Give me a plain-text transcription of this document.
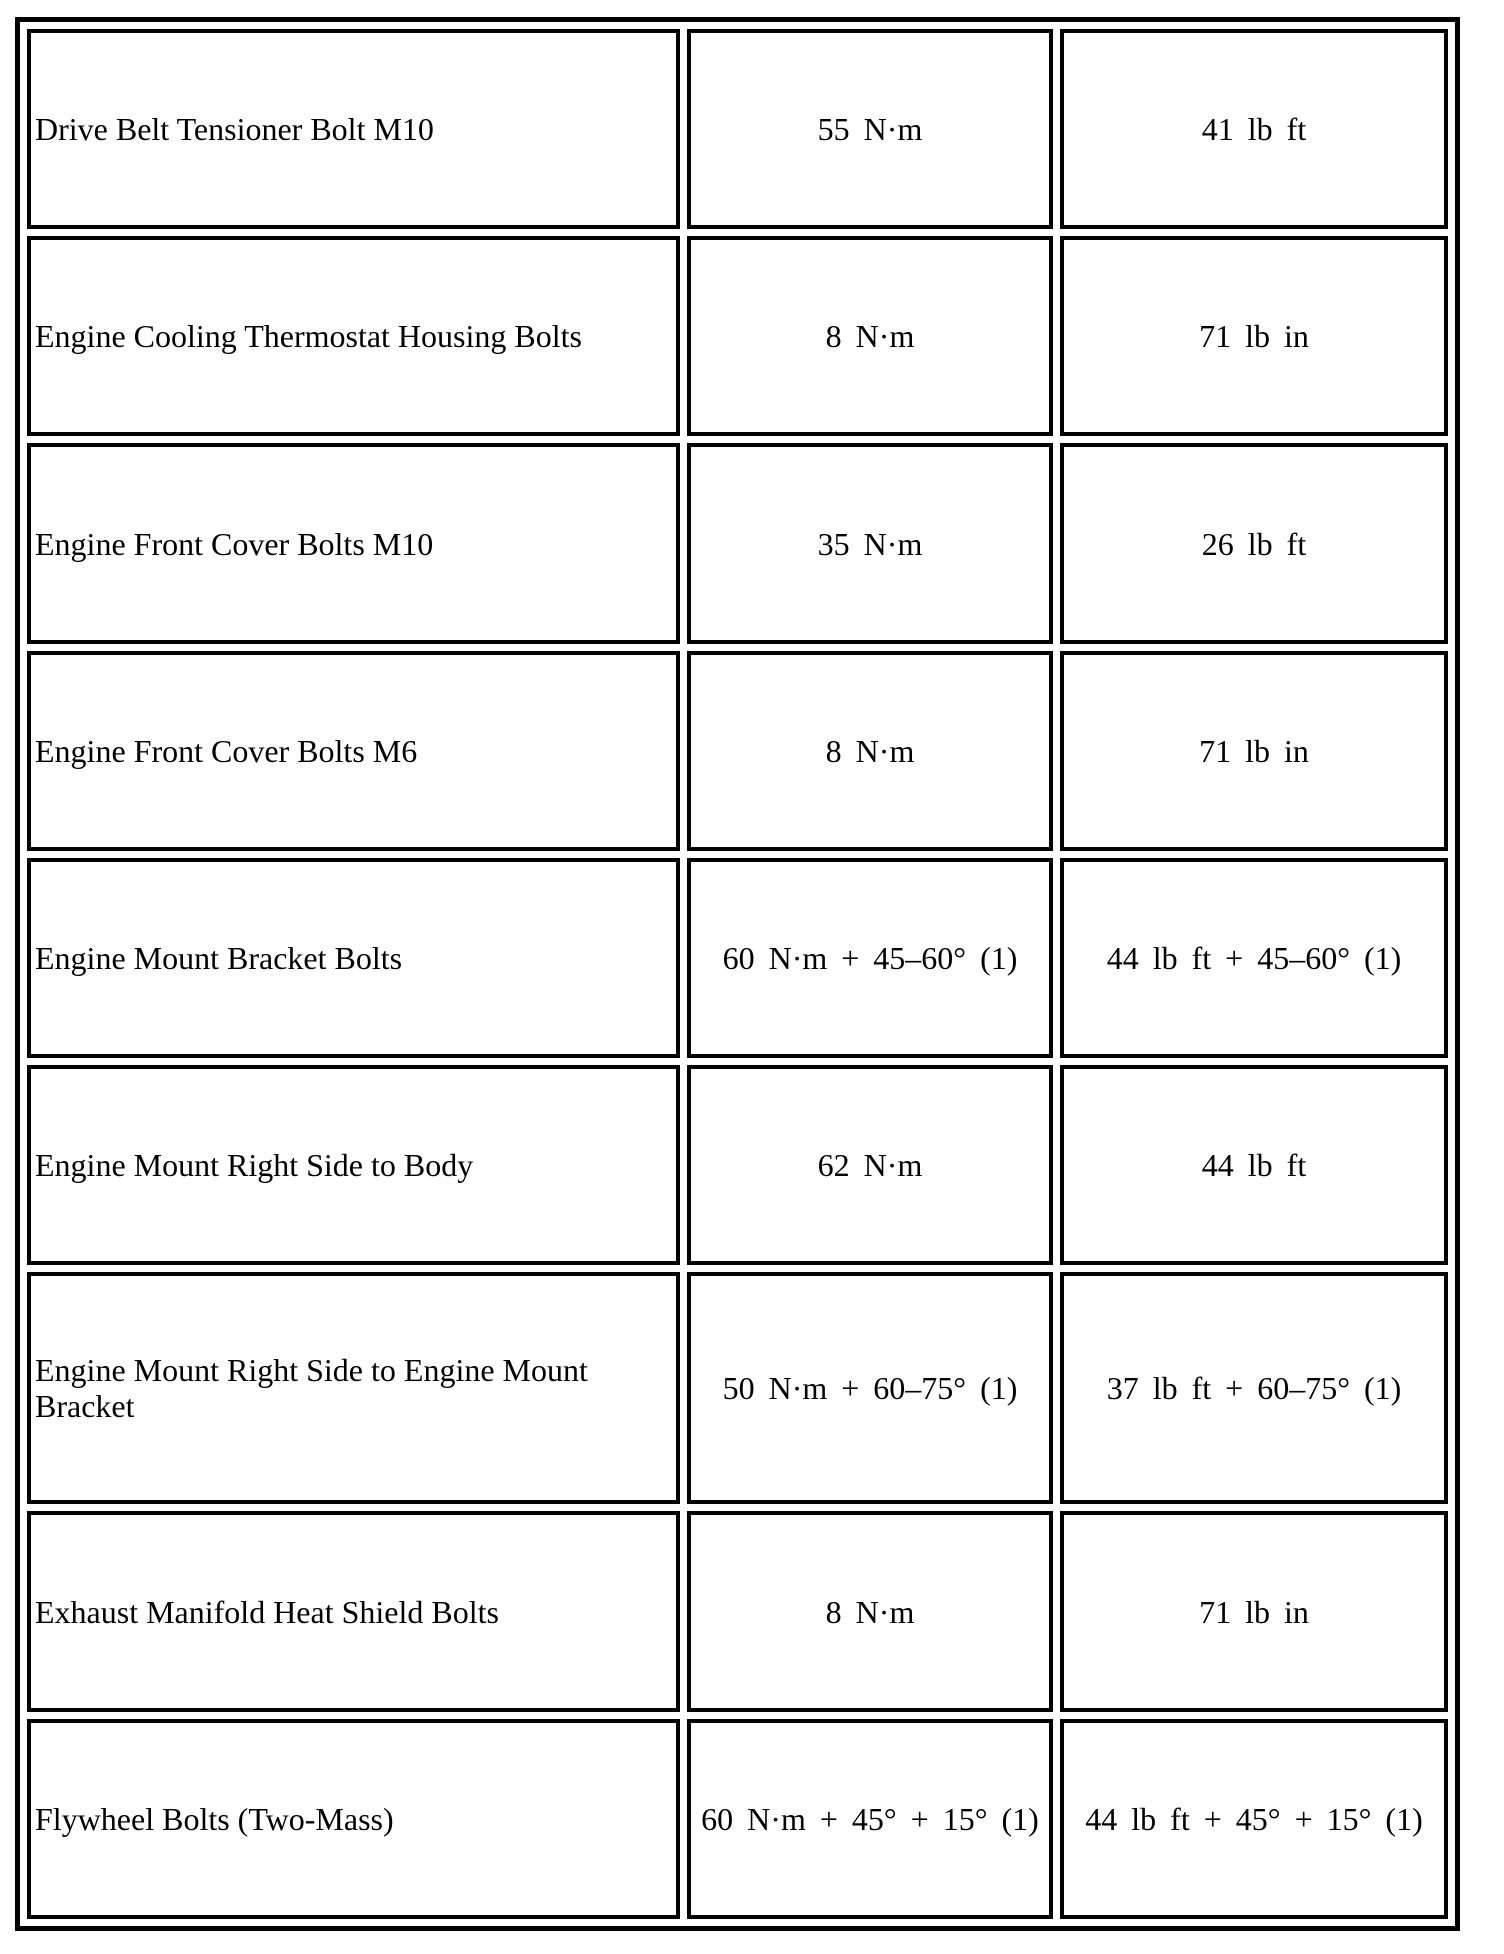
Drive Belt Tensioner Bolt M10	55 N·m	41 lb ft
Engine Cooling Thermostat Housing Bolts	8 N·m	71 lb in
Engine Front Cover Bolts M10	35 N·m	26 lb ft
Engine Front Cover Bolts M6	8 N·m	71 lb in
Engine Mount Bracket Bolts	60 N·m + 45–60° (1)	44 lb ft + 45–60° (1)
Engine Mount Right Side to Body	62 N·m	44 lb ft
Engine Mount Right Side to Engine Mount Bracket	50 N·m + 60–75° (1)	37 lb ft + 60–75° (1)
Exhaust Manifold Heat Shield Bolts	8 N·m	71 lb in
Flywheel Bolts (Two-Mass)	60 N·m + 45° + 15° (1)	44 lb ft + 45° + 15° (1)
